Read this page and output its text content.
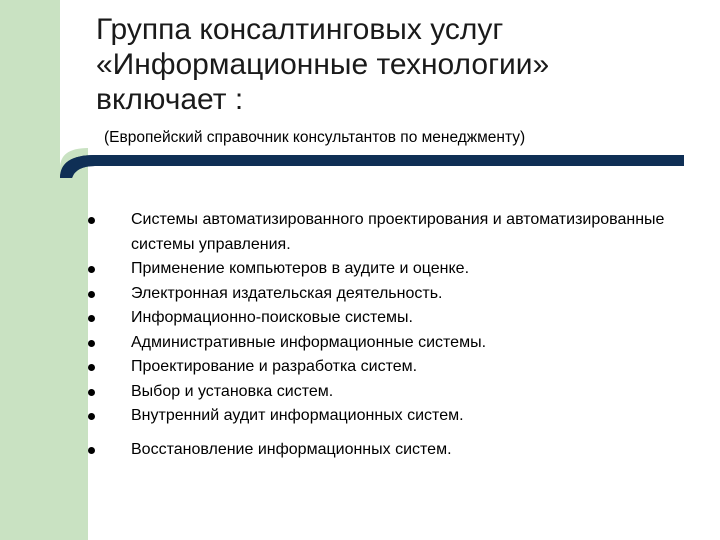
Группа консалтинговых услуг
«Информационные технологии»
включает :
(Европейский справочник консультантов по менеджменту)
Системы автоматизированного проектирования и автоматизированные системы управления.
Применение компьютеров в аудите и оценке.
Электронная издательская деятельность.
Информационно-поисковые системы.
Административные информационные системы.
Проектирование и разработка систем.
Выбор и установка систем.
Внутренний аудит информационных систем.
Восстановление информационных систем.
